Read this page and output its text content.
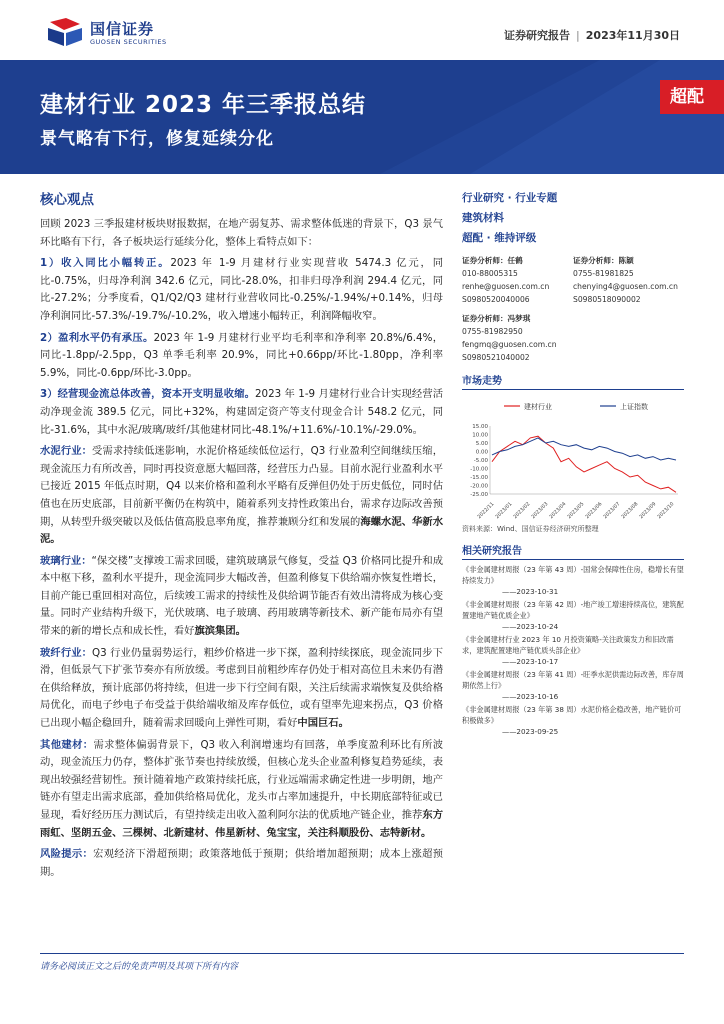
国信证券
GUOSEN SECURITIES	证券研究报告 | 2023年11月30日
建材行业 2023 年三季报总结
景气略有下行，修复延续分化
超配
核心观点

回顾 2023 三季报建材板块财报数据，在地产弱复苏、需求整体低迷的背景下，Q3 景气环比略有下行，各子板块运行延续分化，整体上看特点如下：

1）收入同比小幅转正。2023 年 1-9 月建材行业实现营收 5474.3 亿元，同比-0.75%，归母净利润 342.6 亿元，同比-28.0%，扣非归母净利润 294.4 亿元，同比-27.2%；分季度看，Q1/Q2/Q3 建材行业营收同比-0.25%/-1.94%/+0.14%，归母净利润同比-57.3%/-19.7%/-10.2%，收入增速小幅转正，利润降幅收窄。

2）盈利水平仍有承压。2023 年 1-9 月建材行业平均毛利率和净利率 20.8%/6.4%，同比-1.8pp/-2.5pp，Q3 单季毛利率 20.9%，同比+0.66pp/环比-1.80pp，净利率 5.9%，同比-0.6pp/环比-3.0pp。

3）经营现金流总体改善，资本开支明显收缩。2023 年 1-9 月建材行业合计实现经营活动净现金流 389.5 亿元，同比+32%，构建固定资产等支付现金合计 548.2 亿元，同比-31.6%，其中水泥/玻璃/玻纤/其他建材同比-48.1%/+11.6%/-10.1%/-29.0%。

水泥行业：受需求持续低迷影响，水泥价格延续低位运行，Q3 行业盈利空间继续压缩，现金流压力有所改善，同时再投资意愿大幅回落，经营压力凸显。目前水泥行业盈利水平已接近 2015 年低点时期，Q4 以来价格和盈利水平略有反弹但仍处于历史低位，同时估值也在历史底部，目前新平衡仍在构筑中，随着系列支持性政策出台，需求存边际改善预期，从转型升级突破以及低估值高股息率角度，推荐兼顾分红和发展的海螺水泥、华新水泥。

玻璃行业：“保交楼”支撑竣工需求回暖，建筑玻璃景气修复，受益 Q3 价格同比提升和成本中枢下移，盈利水平提升，现金流同步大幅改善，但盈利修复下供给端亦恢复性增长，目前产能已重回相对高位，后续竣工需求的持续性及供给调节能否有效出清将成为核心变量。同时产业结构升级下，光伏玻璃、电子玻璃、药用玻璃等新技术、新产能布局亦有望带来的新的增长点和成长性，看好旗滨集团。

玻纤行业：Q3 行业仍量弱势运行，粗纱价格进一步下探，盈利持续探底，现金流同步下滑，但低景气下扩张节奏亦有所放缓。考虑到目前粗纱库存仍处于相对高位且未来仍有潜在供给释放，预计底部仍将持续，但进一步下行空间有限，关注后续需求端恢复及供给格局优化，而电子纱电子布受益于供给端收缩及库存低位，或有望率先迎来拐点，Q3 价格已出现小幅企稳回升，随着需求回暖向上弹性可期，看好中国巨石。

其他建材：需求整体偏弱背景下，Q3 收入利润增速均有回落，单季度盈利环比有所波动，现金流压力仍存，整体扩张节奏也持续放缓，但核心龙头企业盈利修复趋势延续，表现出较强经营韧性。预计随着地产政策持续托底，行业远端需求确定性进一步明朗，地产链亦有望走出需求底部，叠加供给格局优化，龙头市占率加速提升，中长期底部特征或已显现，看好经历压力测试后，有望持续走出收入盈利阿尔法的优质地产链企业，推荐东方雨虹、坚朗五金、三棵树、北新建材、伟星新材、兔宝宝，关注科顺股份、志特新材。

风险提示：宏观经济下滑超预期；政策落地低于预期；供给增加超预期；成本上涨超预期。

行业研究 · 行业专题
建筑材料
超配 · 维持评级
证券分析师：任鹤
010-88005315
renhe@guosen.com.cn
S0980520040006
证券分析师：陈颖
0755-81981825
chenying4@guosen.com.cn
S0980518090002
证券分析师：冯梦琪
0755-81982950
fengmq@guosen.com.cn
S0980521040002
市场走势
建材行业	上证指数
15.00
10.00
5.00
0.00
-5.00
-10.00
-15.00
-20.00
-25.00
2022/11 2023/01 2023/02 2023/03 2023/04 2023/05 2023/06 2023/07 2023/08 2023/09 2023/10
资料来源：Wind、国信证券经济研究所整理
相关研究报告
《非金属建材周报（23 年第 43 周）-国常会保障性住房，稳增长有望持续发力》
——2023-10-31
《非金属建材周报（23 年第 42 周）-地产竣工增速持续高位，建筑配置建地产链优质企业》
——2023-10-24
《非金属建材行业 2023 年 10 月投资策略-关注政策发力和旧改需求，建筑配置建地产链优质头部企业》
——2023-10-17
《非金属建材周报（23 年第 41 周）-旺季水泥供需边际改善，库存周期依然上行》
——2023-10-16
《非金属建材周报（23 年第 38 周）水泥价格企稳改善，地产链价可积极做多》
——2023-09-25
请务必阅读正文之后的免责声明及其项下所有内容
